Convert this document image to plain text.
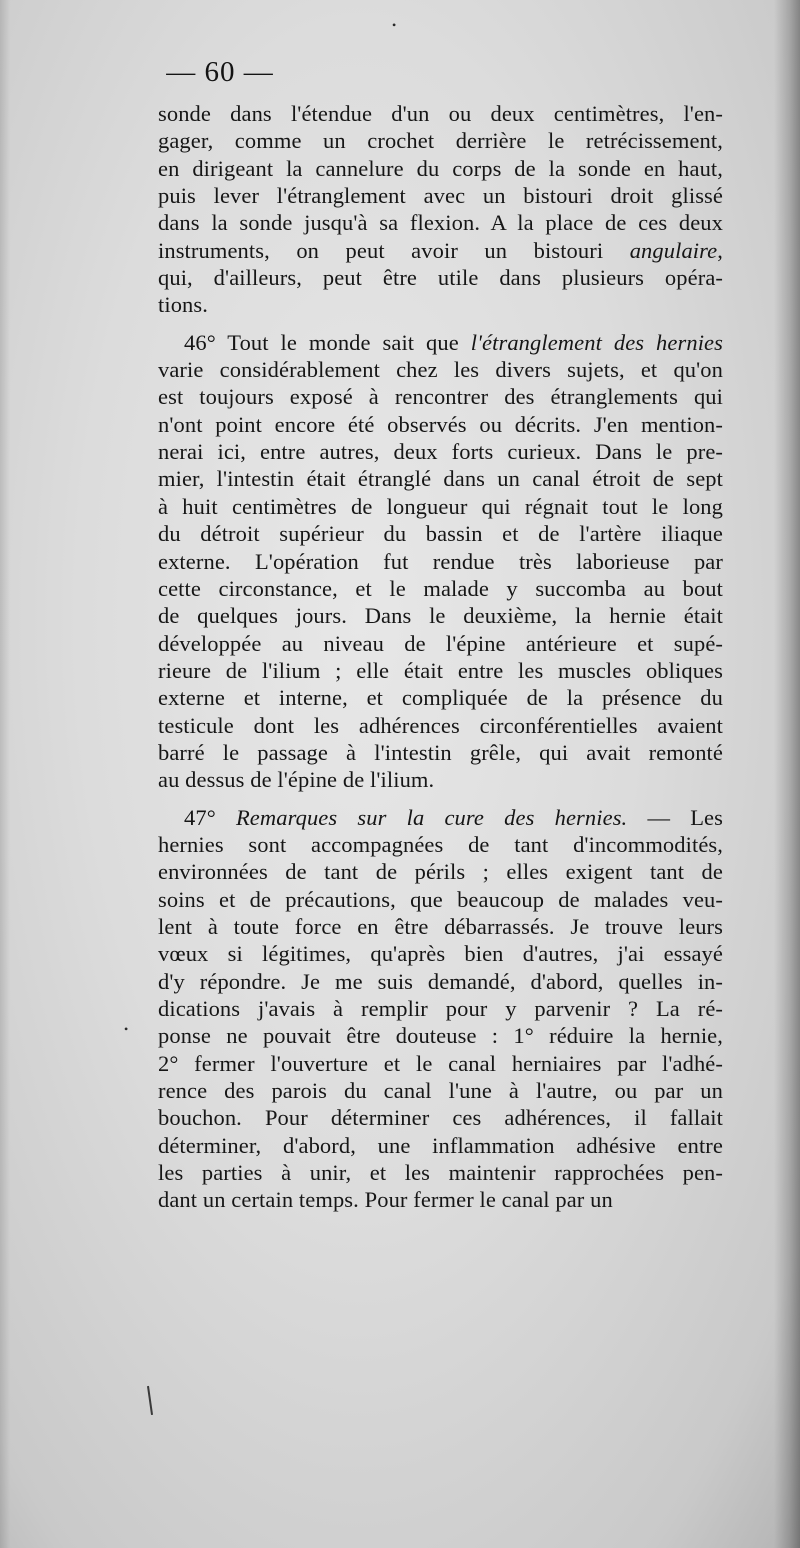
— 60 —
sonde dans l'étendue d'un ou deux centimètres, l'en-
gager, comme un crochet derrière le retrécissement,
en dirigeant la cannelure du corps de la sonde en haut,
puis lever l'étranglement avec un bistouri droit glissé
dans la sonde jusqu'à sa flexion. A la place de ces deux
instruments, on peut avoir un bistouri angulaire,
qui, d'ailleurs, peut être utile dans plusieurs opéra-
tions.
46° Tout le monde sait que l'étranglement des hernies
varie considérablement chez les divers sujets, et qu'on
est toujours exposé à rencontrer des étranglements qui
n'ont point encore été observés ou décrits. J'en mention-
nerai ici, entre autres, deux forts curieux. Dans le pre-
mier, l'intestin était étranglé dans un canal étroit de sept
à huit centimètres de longueur qui régnait tout le long
du détroit supérieur du bassin et de l'artère iliaque
externe. L'opération fut rendue très laborieuse par
cette circonstance, et le malade y succomba au bout
de quelques jours. Dans le deuxième, la hernie était
développée au niveau de l'épine antérieure et supé-
rieure de l'ilium ; elle était entre les muscles obliques
externe et interne, et compliquée de la présence du
testicule dont les adhérences circonférentielles avaient
barré le passage à l'intestin grêle, qui avait remonté
au dessus de l'épine de l'ilium.
47° Remarques sur la cure des hernies. — Les
hernies sont accompagnées de tant d'incommodités,
environnées de tant de périls ; elles exigent tant de
soins et de précautions, que beaucoup de malades veu-
lent à toute force en être débarrassés. Je trouve leurs
vœux si légitimes, qu'après bien d'autres, j'ai essayé
d'y répondre. Je me suis demandé, d'abord, quelles in-
dications j'avais à remplir pour y parvenir ? La ré-
ponse ne pouvait être douteuse : 1° réduire la hernie,
2° fermer l'ouverture et le canal herniaires par l'adhé-
rence des parois du canal l'une à l'autre, ou par un
bouchon. Pour déterminer ces adhérences, il fallait
déterminer, d'abord, une inflammation adhésive entre
les parties à unir, et les maintenir rapprochées pen-
dant un certain temps. Pour fermer le canal par un
•
•
ǀ
